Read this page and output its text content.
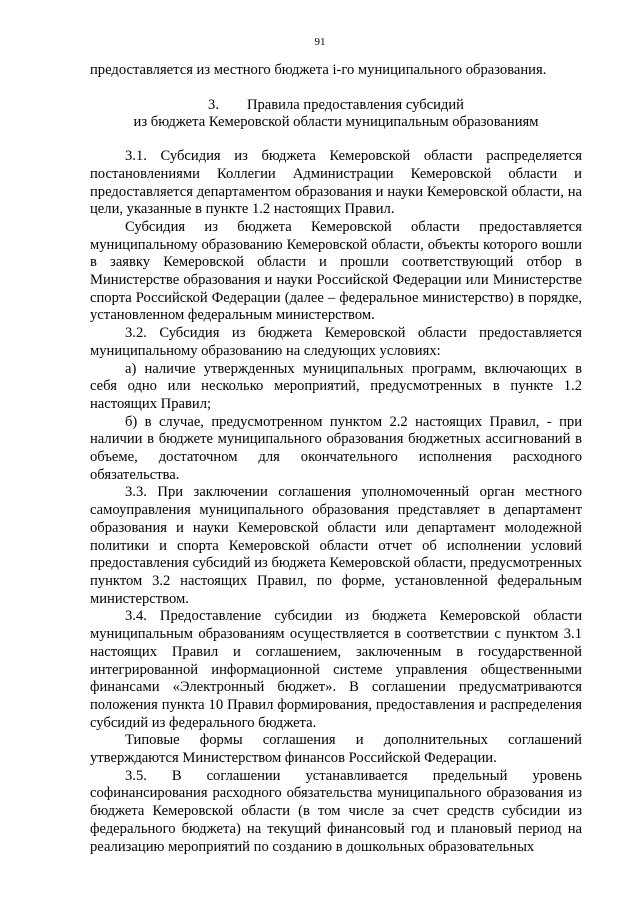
91

предоставляется из местного бюджета i-го муниципального образования.

3. Правила предоставления субсидий
из бюджета Кемеровской области муниципальным образованиям

3.1. Субсидия из бюджета Кемеровской области распределяется постановлениями Коллегии Администрации Кемеровской области и предоставляется департаментом образования и науки Кемеровской области, на цели, указанные в пункте 1.2 настоящих Правил.

Субсидия из бюджета Кемеровской области предоставляется муниципальному образованию Кемеровской области, объекты которого вошли в заявку Кемеровской области и прошли соответствующий отбор в Министерстве образования и науки Российской Федерации или Министерстве спорта Российской Федерации (далее – федеральное министерство) в порядке, установленном федеральным министерством.

3.2. Субсидия из бюджета Кемеровской области предоставляется муниципальному образованию на следующих условиях:

а) наличие утвержденных муниципальных программ, включающих в себя одно или несколько мероприятий, предусмотренных в пункте 1.2 настоящих Правил;

б) в случае, предусмотренном пунктом 2.2 настоящих Правил, - при наличии в бюджете муниципального образования бюджетных ассигнований в объеме, достаточном для окончательного исполнения расходного обязательства.

3.3. При заключении соглашения уполномоченный орган местного самоуправления муниципального образования представляет в департамент образования и науки Кемеровской области или департамент молодежной политики и спорта Кемеровской области отчет об исполнении условий предоставления субсидий из бюджета Кемеровской области, предусмотренных пунктом 3.2 настоящих Правил, по форме, установленной федеральным министерством.

3.4. Предоставление субсидии из бюджета Кемеровской области муниципальным образованиям осуществляется в соответствии с пунктом 3.1 настоящих Правил и соглашением, заключенным в государственной интегрированной информационной системе управления общественными финансами «Электронный бюджет». В соглашении предусматриваются положения пункта 10 Правил формирования, предоставления и распределения субсидий из федерального бюджета.

Типовые формы соглашения и дополнительных соглашений утверждаются Министерством финансов Российской Федерации.

3.5. В соглашении устанавливается предельный уровень софинансирования расходного обязательства муниципального образования из бюджета Кемеровской области (в том числе за счет средств субсидии из федерального бюджета) на текущий финансовый год и плановый период на реализацию мероприятий по созданию в дошкольных образовательных
